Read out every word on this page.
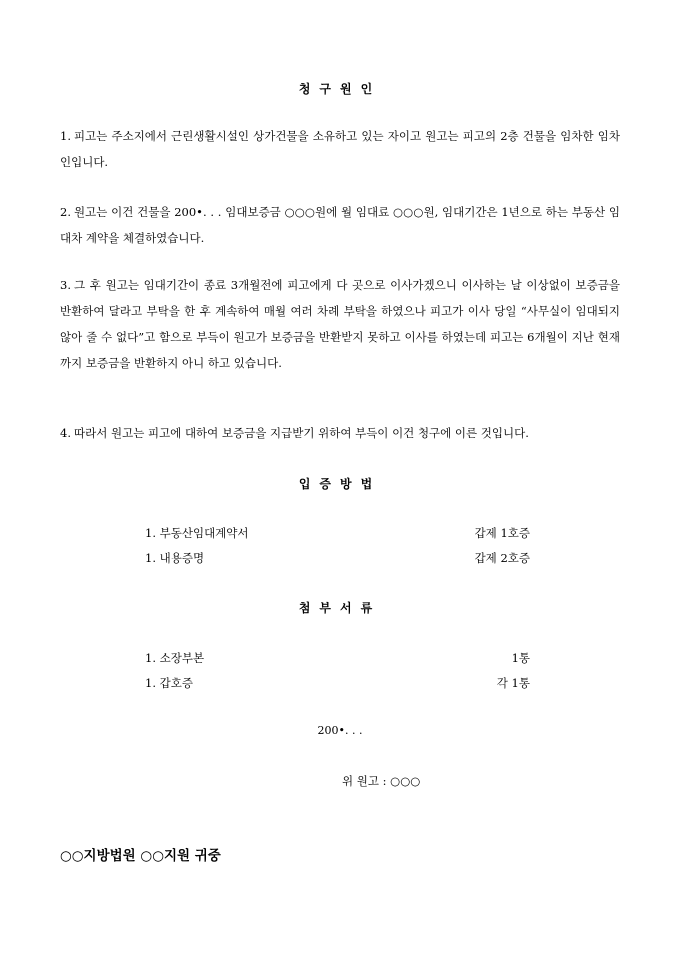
청구원인
1. 피고는 주소지에서 근린생활시설인 상가건물을 소유하고 있는 자이고 원고는 피고의 2층 건물을 임차한 임차인입니다.
2. 원고는 이건 건물을 200•. . . 임대보증금 ○○○원에 월 임대료 ○○○원, 임대기간은 1년으로 하는 부동산 임대차 계약을 체결하였습니다.
3. 그 후 원고는 임대기간이 종료 3개월전에 피고에게 다 곳으로 이사가겠으니 이사하는 날 이상없이 보증금을 반환하여 달라고 부탁을 한 후 계속하여 매월 여러 차례 부탁을 하였으나 피고가 이사 당일 “사무실이 임대되지 않아 줄 수 없다”고 함으로 부득이 원고가 보증금을 반환받지 못하고 이사를 하였는데 피고는 6개월이 지난 현재까지 보증금을 반환하지 아니 하고 있습니다.
4. 따라서 원고는 피고에 대하여 보증금을 지급받기 위하여 부득이 이건 청구에 이른 것입니다.
입증방법
1. 부동산임대계약서	갑제 1호증
1. 내용증명	갑제 2호증
첨부서류
1. 소장부본	1통
1. 갑호증	각 1통
200•. . .
위 원고 : ○○○
○○지방법원 ○○지원 귀중
